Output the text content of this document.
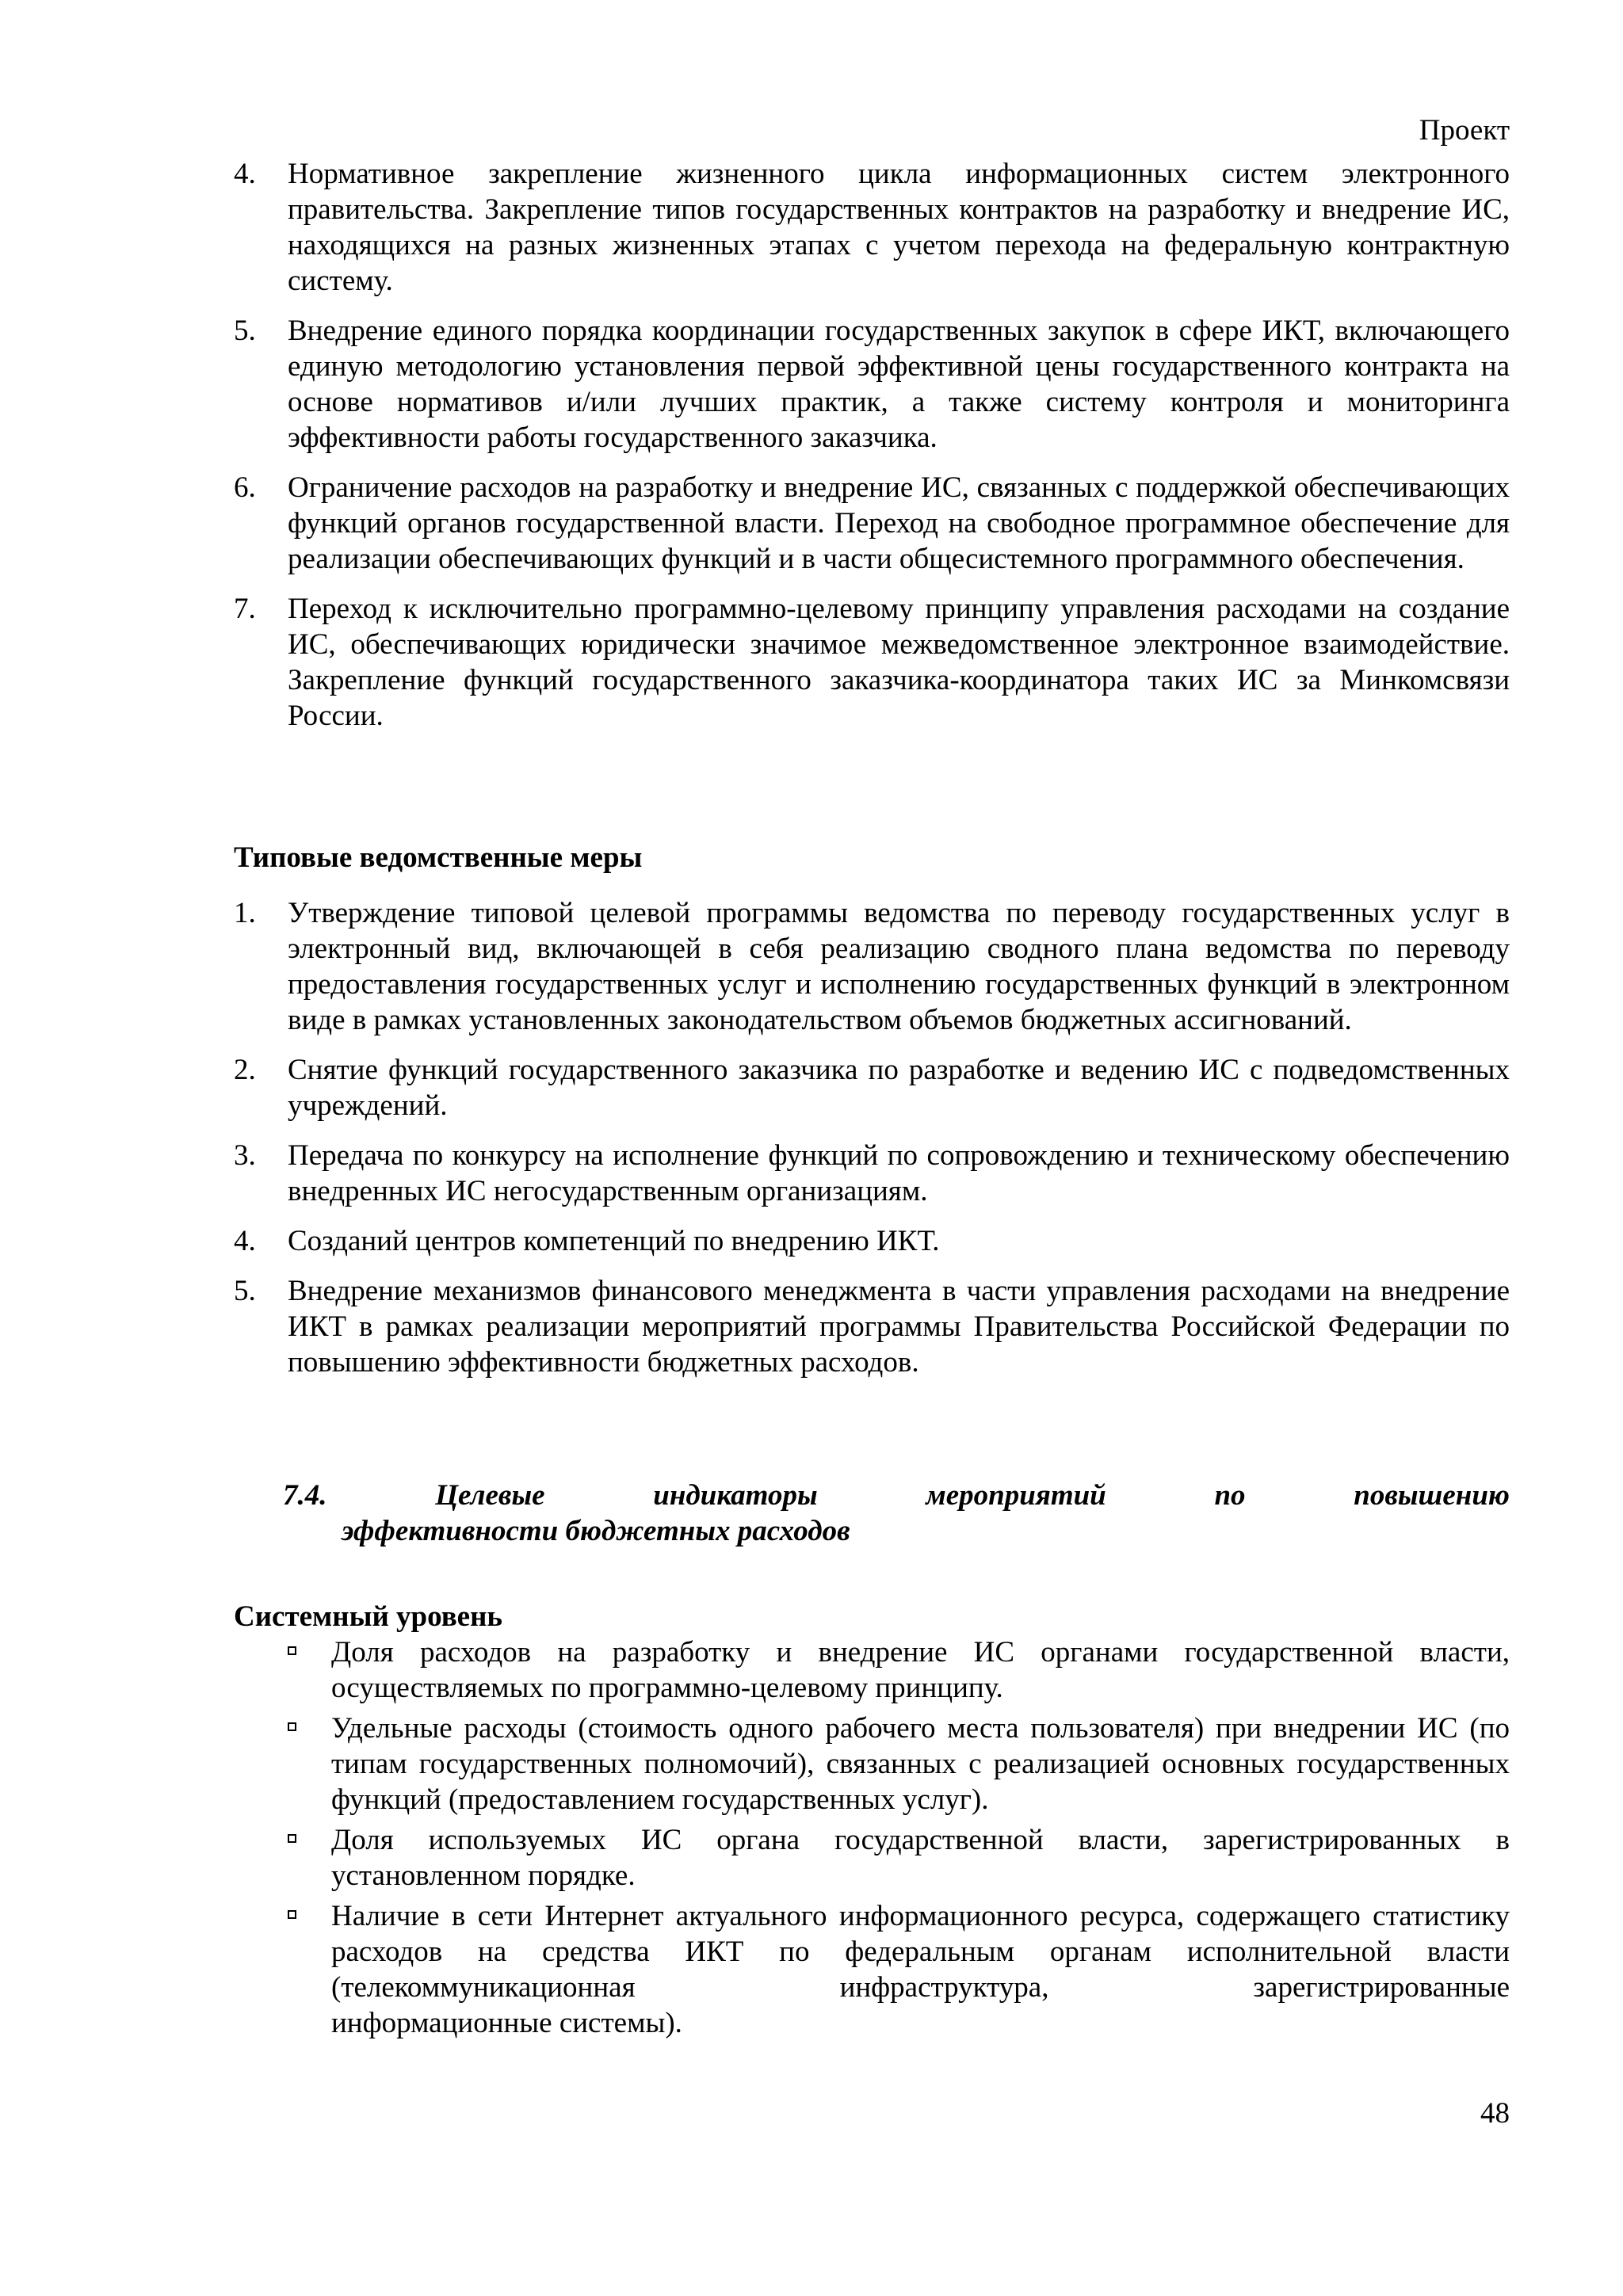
Проект
4.	Нормативное закрепление жизненного цикла информационных систем электронного правительства. Закрепление типов государственных контрактов на разработку и внедрение ИС, находящихся на разных жизненных этапах с учетом перехода на федеральную контрактную систему.
5.	Внедрение единого порядка координации государственных закупок в сфере ИКТ, включающего единую методологию установления первой эффективной цены государственного контракта на основе нормативов и/или лучших практик, а также систему контроля и мониторинга эффективности работы государственного заказчика.
6.	Ограничение расходов на разработку и внедрение ИС, связанных с поддержкой обеспечивающих функций органов государственной власти. Переход на свободное программное обеспечение для реализации обеспечивающих функций и в части общесистемного программного обеспечения.
7.	Переход к исключительно программно-целевому принципу управления расходами на создание ИС, обеспечивающих юридически значимое межведомственное электронное взаимодействие. Закрепление функций государственного заказчика-координатора таких ИС за Минкомсвязи России.
Типовые ведомственные меры
1.	Утверждение типовой целевой программы ведомства по переводу государственных услуг в электронный вид, включающей в себя реализацию сводного плана ведомства по переводу предоставления государственных услуг и исполнению государственных функций в электронном виде в рамках установленных законодательством объемов бюджетных ассигнований.
2.	Снятие функций государственного заказчика по разработке и ведению ИС с подведомственных учреждений.
3.	Передача по конкурсу на исполнение функций по сопровождению и техническому обеспечению внедренных ИС негосударственным организациям.
4.	Созданий центров компетенций по внедрению ИКТ.
5.	Внедрение механизмов финансового менеджмента в части управления расходами на внедрение ИКТ в рамках реализации мероприятий программы Правительства Российской Федерации по повышению эффективности бюджетных расходов.
7.4.	Целевые	индикаторы	мероприятий	по	повышению
эффективности бюджетных расходов
Системный уровень
Доля расходов на разработку и внедрение ИС органами государственной власти, осуществляемых по программно-целевому принципу.
Удельные расходы (стоимость одного рабочего места пользователя) при внедрении ИС (по типам государственных полномочий), связанных с реализацией основных государственных функций (предоставлением государственных услуг).
Доля используемых ИС органа государственной власти, зарегистрированных в установленном порядке.
Наличие в сети Интернет актуального информационного ресурса, содержащего статистику расходов на средства ИКТ по федеральным органам исполнительной власти (телекоммуникационная инфраструктура, зарегистрированные
информационные системы).
48
